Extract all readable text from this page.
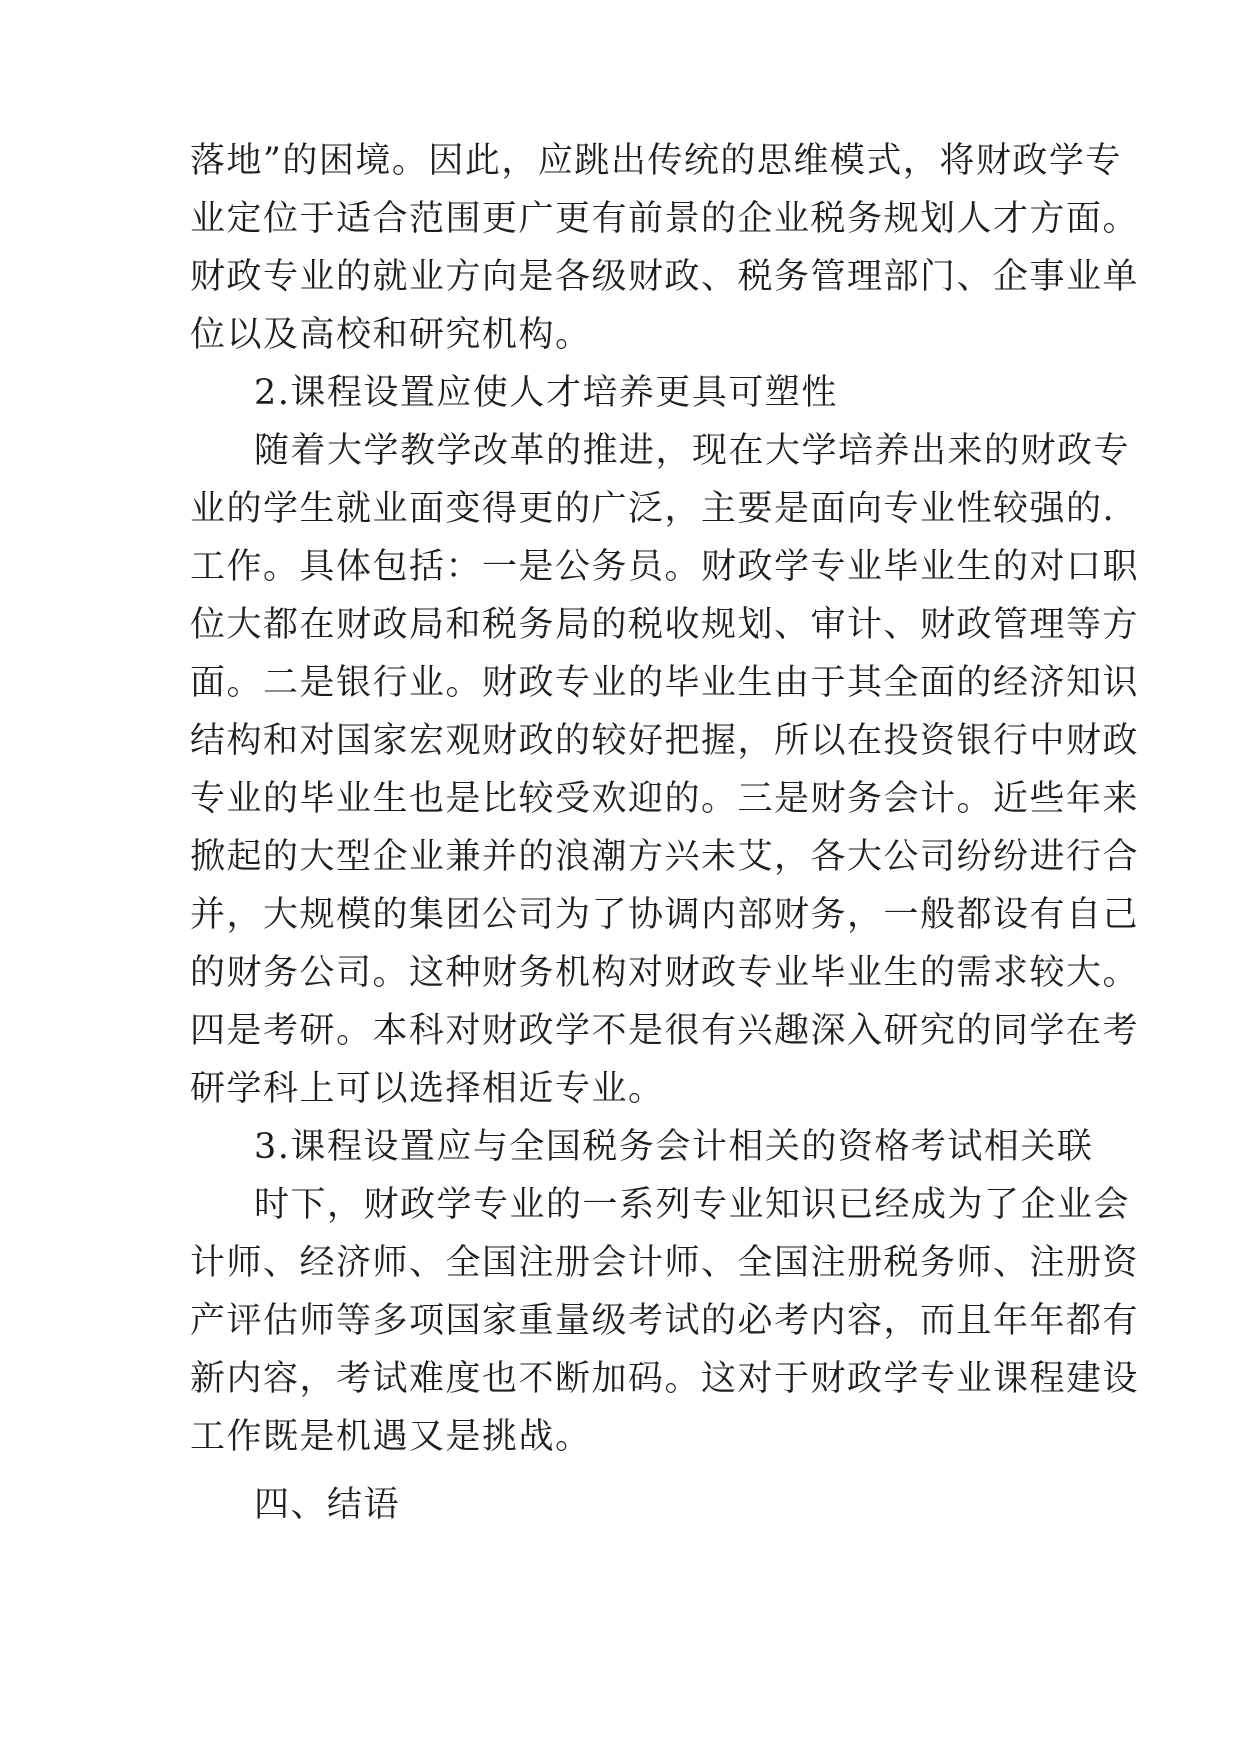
落地”的困境。因此，应跳出传统的思维模式，将财政学专
业定位于适合范围更广更有前景的企业税务规划人才方面。
财政专业的就业方向是各级财政、税务管理部门、企事业单
位以及高校和研究机构。
2.课程设置应使人才培养更具可塑性
随着大学教学改革的推进，现在大学培养出来的财政专
业的学生就业面变得更的广泛，主要是面向专业性较强的.
工作。具体包括：一是公务员。财政学专业毕业生的对口职
位大都在财政局和税务局的税收规划、审计、财政管理等方
面。二是银行业。财政专业的毕业生由于其全面的经济知识
结构和对国家宏观财政的较好把握，所以在投资银行中财政
专业的毕业生也是比较受欢迎的。三是财务会计。近些年来
掀起的大型企业兼并的浪潮方兴未艾，各大公司纷纷进行合
并，大规模的集团公司为了协调内部财务，一般都设有自己
的财务公司。这种财务机构对财政专业毕业生的需求较大。
四是考研。本科对财政学不是很有兴趣深入研究的同学在考
研学科上可以选择相近专业。
3.课程设置应与全国税务会计相关的资格考试相关联
时下，财政学专业的一系列专业知识已经成为了企业会
计师、经济师、全国注册会计师、全国注册税务师、注册资
产评估师等多项国家重量级考试的必考内容，而且年年都有
新内容，考试难度也不断加码。这对于财政学专业课程建设
工作既是机遇又是挑战。
四、结语
